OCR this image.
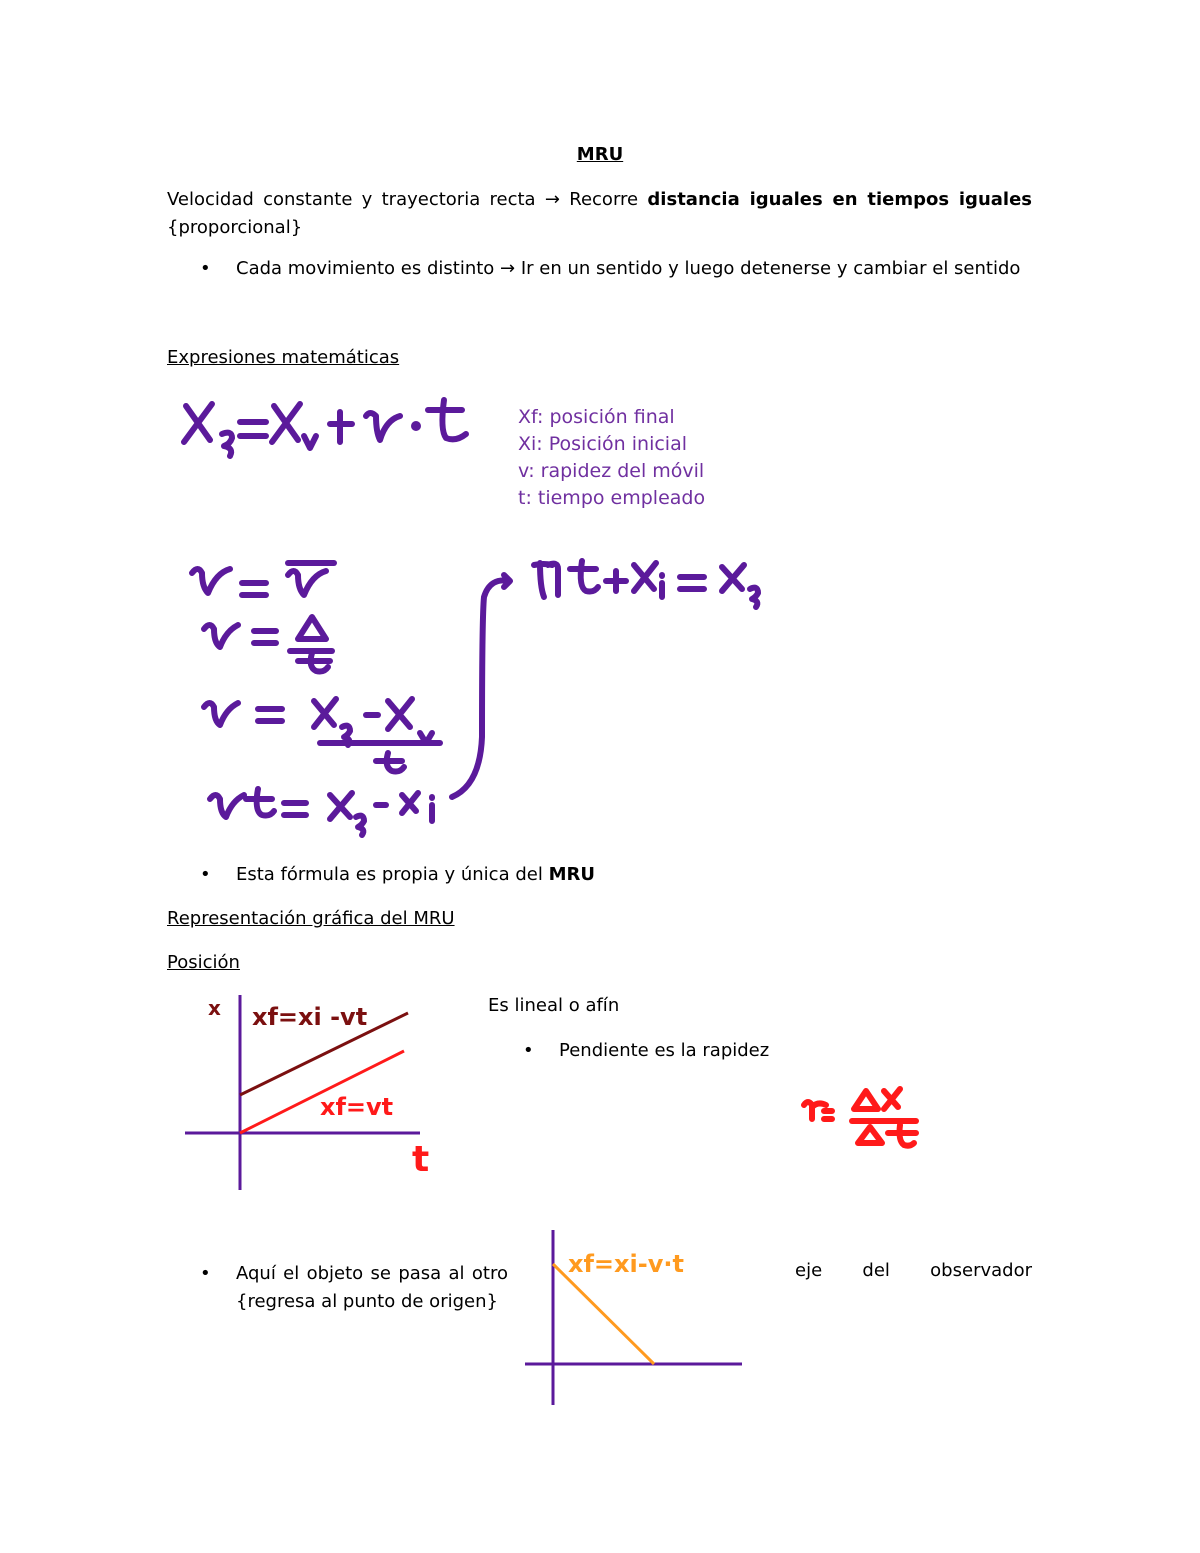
MRU
Velocidad constante y trayectoria recta → Recorre distancia iguales en tiempos iguales {proporcional}
• Cada movimiento es distinto → Ir en un sentido y luego detenerse y cambiar el sentido
Expresiones matemáticas
Xf: posición final
Xi: Posición inicial
v: rapidez del móvil
t: tiempo empleado
• Esta fórmula es propia y única del MRU
Representación gráfica del MRU
Posición
x
t
xf=xi -vt
xf=vt
Es lineal o afín
• Pendiente es la rapidez
• Aquí el objeto se pasa al otro
{regresa al punto de origen}
eje del observador
xf=xi-v·t
